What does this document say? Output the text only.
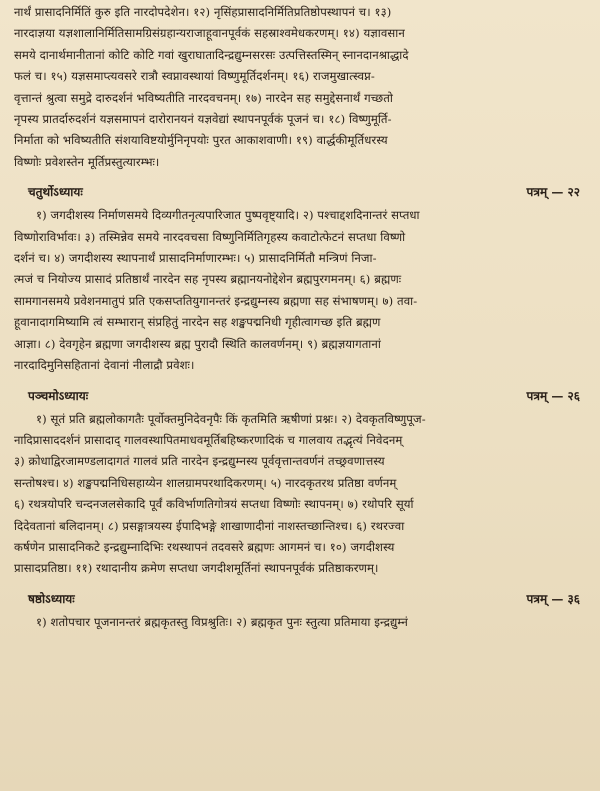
नार्थं प्रासादनिर्मितिं कुरु इति नारदोपदेशेन। १२) नृसिंहप्रासादनिर्मितिप्रतिष्ठोपस्थापनं च। १३)

नारदाज्ञया यज्ञशालानिर्मितिसामग्रिसंग्रहान्यराजाहूवानपूर्वकं सहस्राश्वमेधकरणम्। १४) यज्ञावसान

समये दानार्थमानीतानां कोटि कोटि गवां खुराघातादिन्द्रद्युम्नसरसः उत्पत्तिस्तस्मिन् स्नानदानश्राद्धादे

फलं च। १५) यज्ञसमाप्त्यवसरे रात्रौ स्वप्नावस्थायां विष्णुमूर्तिदर्शनम्। १६) राजमुखात्स्वप्न-

वृत्तान्तं श्रुत्वा समुद्रे दारुदर्शनं भविष्यतीति नारदवचनम्। १७) नारदेन सह समुद्देसनार्थं गच्छतो

नृपस्य प्रातर्दारुदर्शनं यज्ञसमापनं दारोरानयनं यज्ञवेद्यां स्थापनपूर्वकं पूजनं च। १८) विष्णुमूर्ति-

निर्माता को भविष्यतीति संशयाविष्टयोर्मुनिनृपयोः पुरत आकाशवाणी। १९) वार्द्धकीमूर्तिधरस्य

विष्णोः प्रवेशस्तेन मूर्तिप्रस्तुत्यारम्भः।

चतुर्थोऽध्यायः	पत्रम् — २२

१) जगदीशस्य निर्माणसमये दिव्यगीतनृत्यपारिजात पुष्पवृष्ट्यादि। २) पश्चाद्दशदिनान्तरं सप्तधा

विष्णोराविर्भावः। ३) तस्मिन्नेव समये नारदवचसा विष्णुनिर्मितिगृहस्य कवाटोत्फेटनं सप्तधा विष्णो

दर्शनं च। ४) जगदीशस्य स्थापनार्थं प्रासादनिर्माणारम्भः। ५) प्रासादनिर्मितौ मन्त्रिणं निजा-

त्मजं च नियोज्य प्रासादं प्रतिष्ठार्थं नारदेन सह नृपस्य ब्रह्मानयनोद्देशेन ब्रह्मपुरगमनम्। ६) ब्रह्मणः

सामगानसमये प्रवेशनमातुपं प्रति एकसप्ततियुगानन्तरं इन्द्रद्युम्नस्य ब्रह्मणा सह संभाषणम्। ७) तवा-

हूवानादागमिष्यामि त्वं सम्भारान् संप्रहितुं नारदेन सह शङ्खपद्मनिधी गृहीत्वागच्छ इति ब्रह्मण

आज्ञा। ८) देवगृहेन ब्रह्मणा जगदीशस्य ब्रह्म पुरादौ स्थिति कालवर्णनम्। ९) ब्रह्मज्ञयागतानां

नारदादिमुनिसहितानां देवानां नीलाद्रौ प्रवेशः।

पञ्चमोऽध्यायः	पत्रम् — २६

१) सूतं प्रति ब्रह्मलोकागतैः पूर्वोक्तमुनिदेवनृपैः किं कृतमिति ऋषीणां प्रश्नः। २) देवकृतविष्णुपूज-

नादिप्रासाददर्शनं प्रासादाद् गालवस्थापितमाधवमूर्तिबहिष्करणादिकं च गालवाय तद्भृत्यं निवेदनम्

३) क्रोधाद्विरजामण्डलादागतं गालवं प्रति नारदेन इन्द्रद्युम्नस्य पूर्ववृत्तान्तवर्णनं तच्छ्रवणात्तस्य

सन्तोषश्च। ४) शङ्खपद्मनिधिसहाय्येन शालग्रामपरथादिकरणम्। ५) नारदकृतरथ प्रतिष्ठा वर्णनम्

६) रथत्रयोपरि चन्दनजलसेकादि पूर्वं कविर्भाणतिगोत्रयं सप्तधा विष्णोः स्थापनम्। ७) रथोपरि सूर्या

दिदेवतानां बलिदानम्। ८) प्रसङ्गात्रयस्य ईपादिभङ्गे शाखाणादीनां नाशस्तच्छान्तिश्च। ६) रथरज्वा

कर्षणेन प्रासादनिकटे इन्द्रद्युम्नादिभिः रथस्थापनं तदवसरे ब्रह्मणः आगमनं च। १०) जगदीशस्य

प्रासादप्रतिष्ठा। ११) रथादानीय क्रमेण सप्तधा जगदीशमूर्तिनां स्थापनपूर्वकं प्रतिष्ठाकरणम्।

षष्ठोऽध्यायः	पत्रम् — ३६

१) शतोपचार पूजनानन्तरं ब्रह्मकृतस्तु विप्रश्रुतिः। २) ब्रह्मकृत पुनः स्तुत्या प्रतिमाया इन्द्रद्युम्नं
